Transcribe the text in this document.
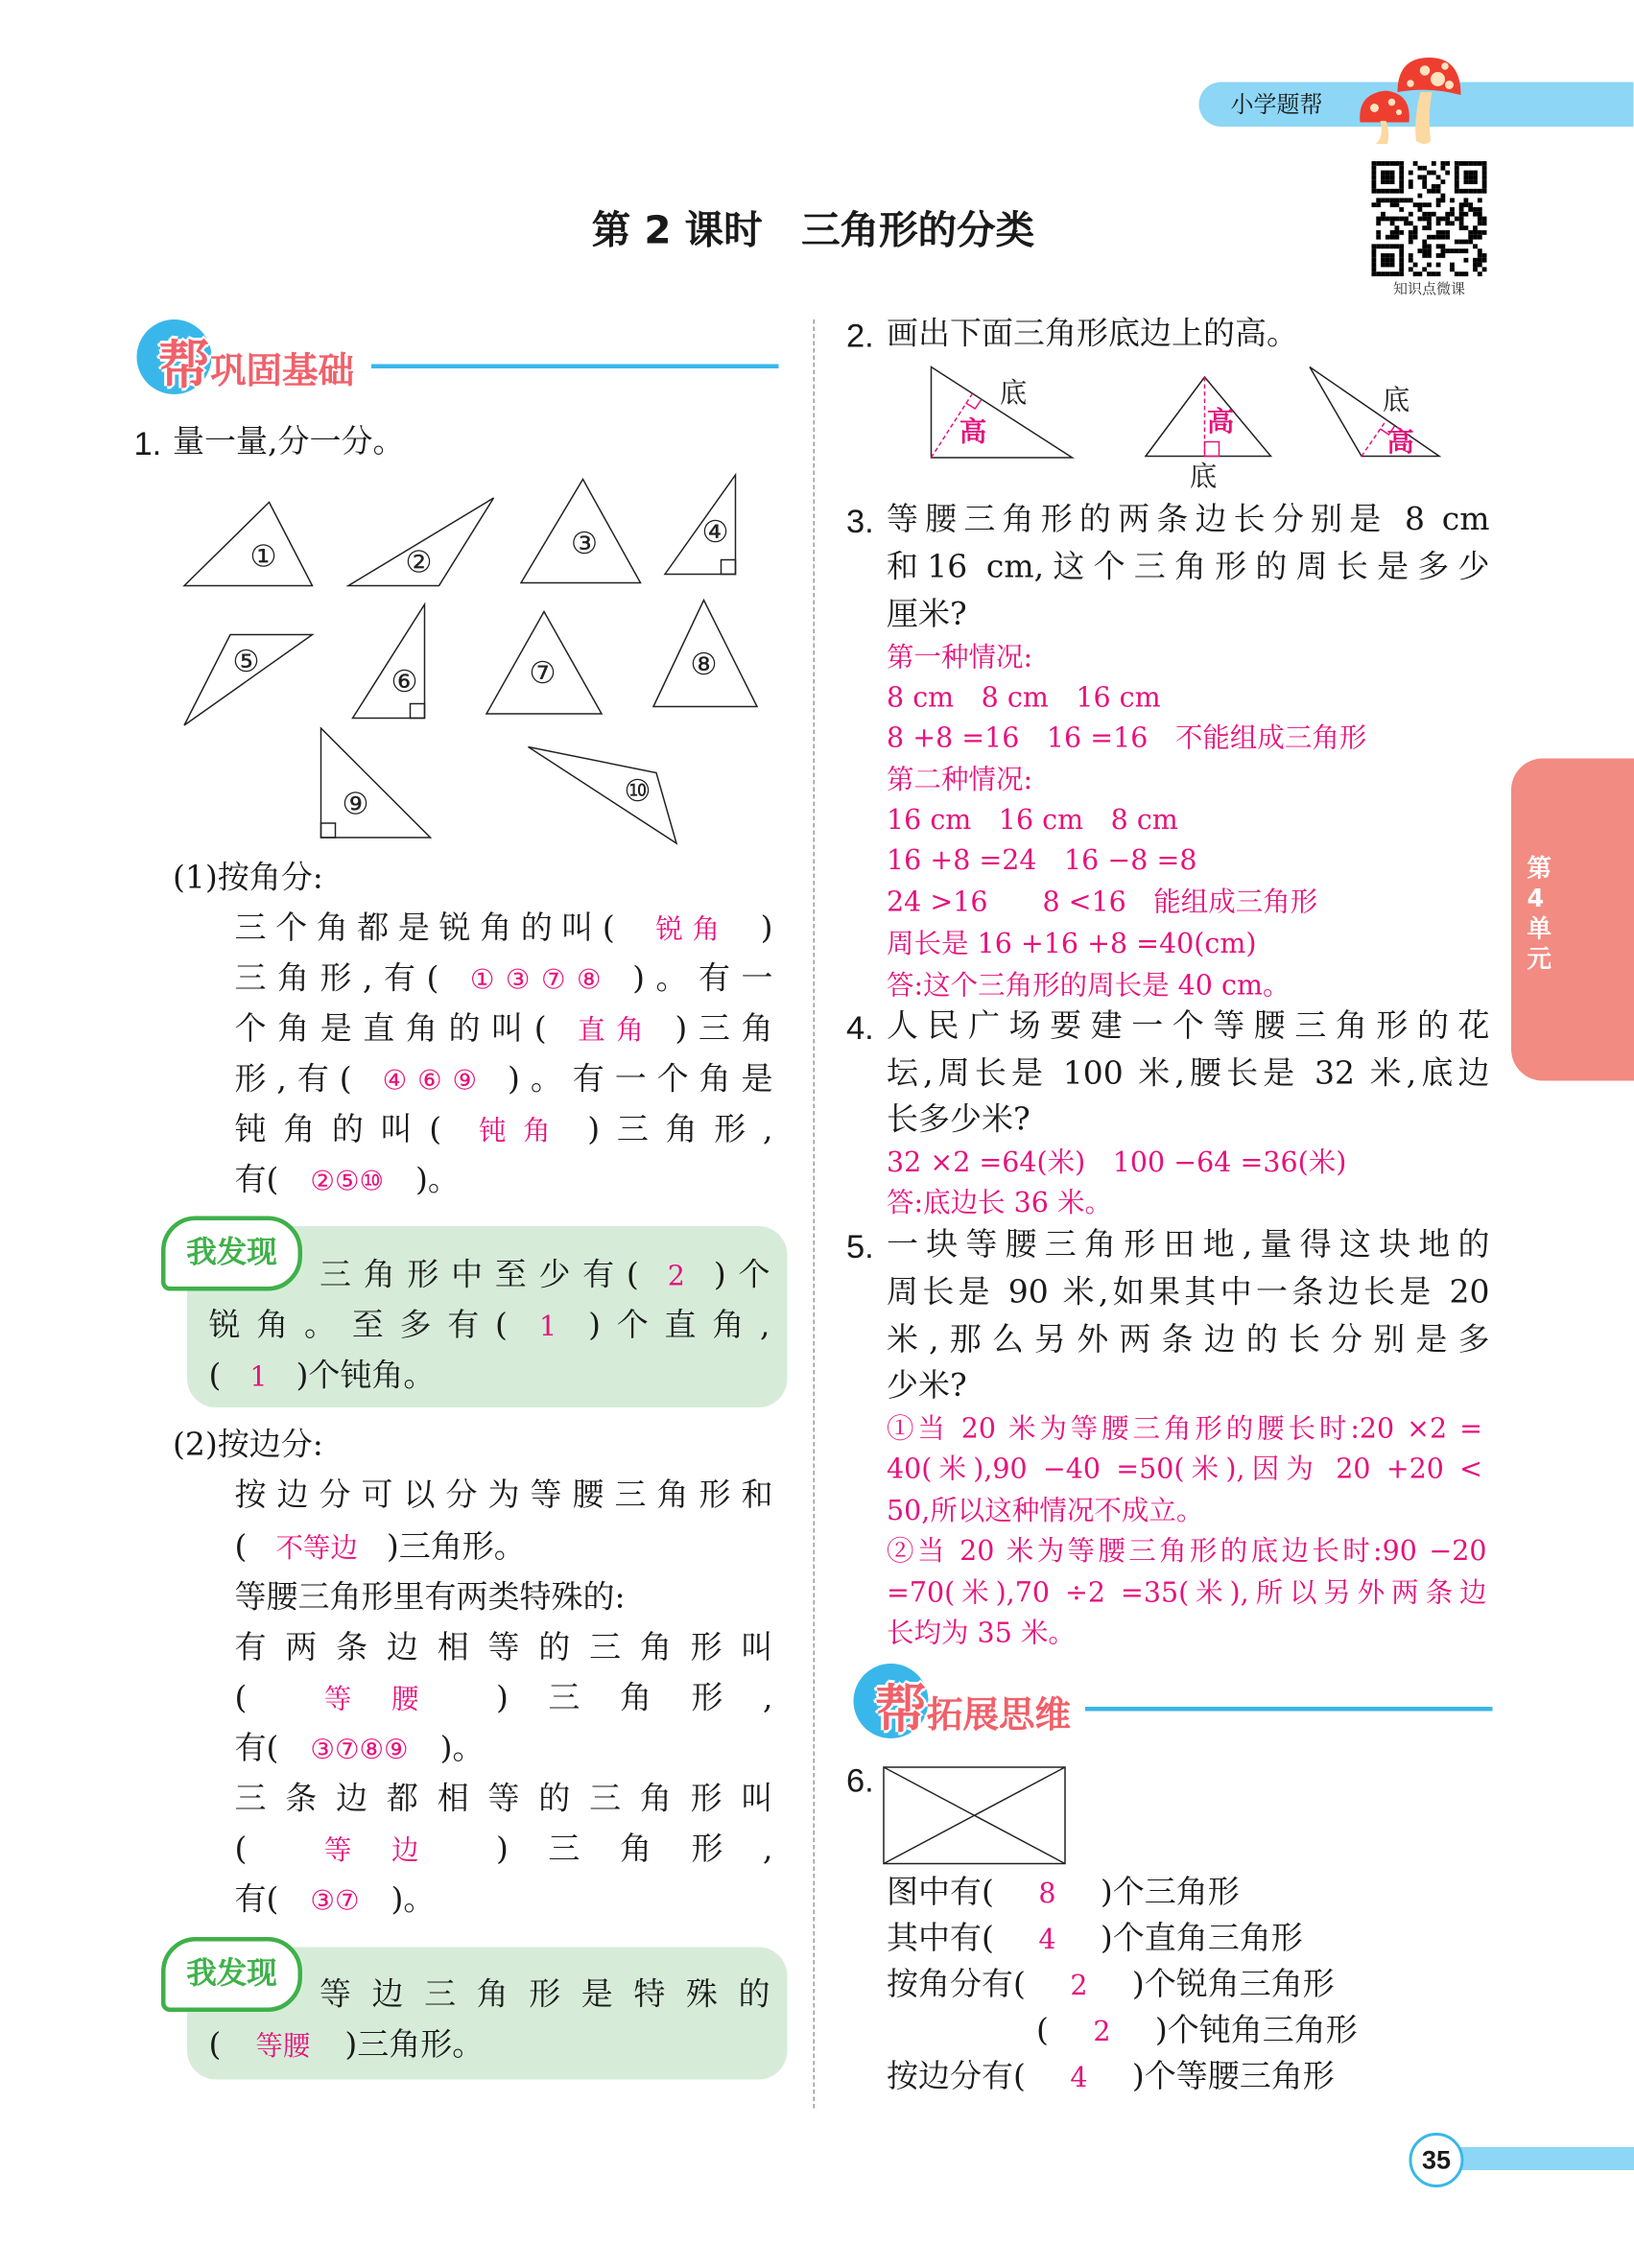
小学题帮
第 2 课时　三角形的分类
知识点微课
第4单元
帮巩固基础
1. 量一量,分一分。
①	②
③	④
⑤
⑥	⑦	⑧
⑨	⑩
底
高	高
底
底
高
(1)按角分:
三个角都是锐角的叫( 锐角 )
三角形,有( ①③⑦⑧ )。有一
个角是直角的叫( 直角 )三角
形,有( ④⑥⑨ )。有一个角是
钝角的叫( 钝角 )三角形,
有( ②⑤⑩ )。
我发现
三角形中至少有( 2 )个
锐角。至多有( 1 )个直角,
( 1 )个钝角。
(2)按边分:
按边分可以分为等腰三角形和
( 不等边 )三角形。
等腰三角形里有两类特殊的:
有两条边相等的三角形叫
( 等腰 )三角形,
有( ③⑦⑧⑨ )。
三条边都相等的三角形叫
( 等边 )三角形,
有( ③⑦ )。
我发现
等边三角形是特殊的
( 等腰 )三角形。
2. 画出下面三角形底边上的高。
3. 等腰三角形的两条边长分别是 8 cm
和16 cm,这个三角形的周长是多少
厘米?
第一种情况:
8 cm　8 cm　16 cm
8 +8 =16　16 =16　不能组成三角形
第二种情况:
16 cm　16 cm　8 cm
16 +8 =24　16 −8 =8
24 >16　　8 <16　能组成三角形
周长是 16 +16 +8 =40(cm)
答:这个三角形的周长是 40 cm。
4. 人民广场要建一个等腰三角形的花
坛,周长是 100 米,腰长是 32 米,底边
长多少米?
32 ×2 =64(米)　100 −64 =36(米)
答:底边长 36 米。
5. 一块等腰三角形田地,量得这块地的
周长是 90 米,如果其中一条边长是 20
米,那么另外两条边的长分别是多
少米?
①当 20 米为等腰三角形的腰长时:20 ×2 =
40(米),90 −40 =50(米),因为 20 +20 <
50,所以这种情况不成立。
②当 20 米为等腰三角形的底边长时:90 −20
=70(米),70 ÷2 =35(米),所以另外两条边
长均为 35 米。
帮拓展思维
6.
图中有( 8 )个三角形
其中有( 4 )个直角三角形
按角分有( 2 )个锐角三角形
( 2 )个钝角三角形
按边分有( 4 )个等腰三角形
35
